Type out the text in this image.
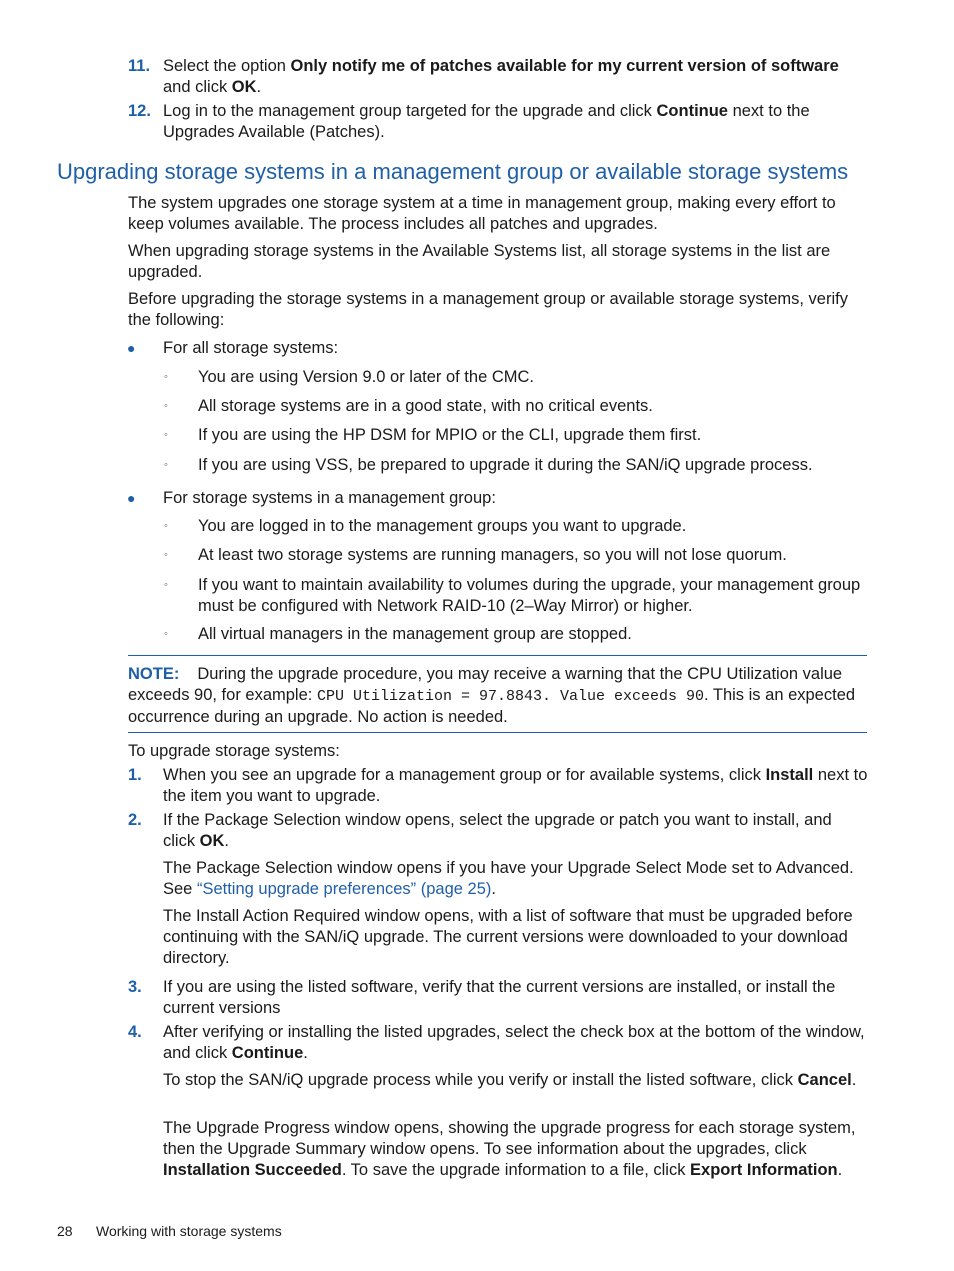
11. Select the option Only notify me of patches available for my current version of software and click OK.
12. Log in to the management group targeted for the upgrade and click Continue next to the Upgrades Available (Patches).
Upgrading storage systems in a management group or available storage systems
The system upgrades one storage system at a time in management group, making every effort to keep volumes available. The process includes all patches and upgrades.
When upgrading storage systems in the Available Systems list, all storage systems in the list are upgraded.
Before upgrading the storage systems in a management group or available storage systems, verify the following:
● For all storage systems:
◦ You are using Version 9.0 or later of the CMC.
◦ All storage systems are in a good state, with no critical events.
◦ If you are using the HP DSM for MPIO or the CLI, upgrade them first.
◦ If you are using VSS, be prepared to upgrade it during the SAN/iQ upgrade process.
● For storage systems in a management group:
◦ You are logged in to the management groups you want to upgrade.
◦ At least two storage systems are running managers, so you will not lose quorum.
◦ If you want to maintain availability to volumes during the upgrade, your management group must be configured with Network RAID-10 (2–Way Mirror) or higher.
◦ All virtual managers in the management group are stopped.
NOTE: During the upgrade procedure, you may receive a warning that the CPU Utilization value exceeds 90, for example: CPU Utilization = 97.8843. Value exceeds 90. This is an expected occurrence during an upgrade. No action is needed.
To upgrade storage systems:
1. When you see an upgrade for a management group or for available systems, click Install next to the item you want to upgrade.
2. If the Package Selection window opens, select the upgrade or patch you want to install, and click OK.
The Package Selection window opens if you have your Upgrade Select Mode set to Advanced. See “Setting upgrade preferences” (page 25).
The Install Action Required window opens, with a list of software that must be upgraded before continuing with the SAN/iQ upgrade. The current versions were downloaded to your download directory.
3. If you are using the listed software, verify that the current versions are installed, or install the current versions
4. After verifying or installing the listed upgrades, select the check box at the bottom of the window, and click Continue.
To stop the SAN/iQ upgrade process while you verify or install the listed software, click Cancel.
The Upgrade Progress window opens, showing the upgrade progress for each storage system, then the Upgrade Summary window opens. To see information about the upgrades, click Installation Succeeded. To save the upgrade information to a file, click Export Information.
28 Working with storage systems
